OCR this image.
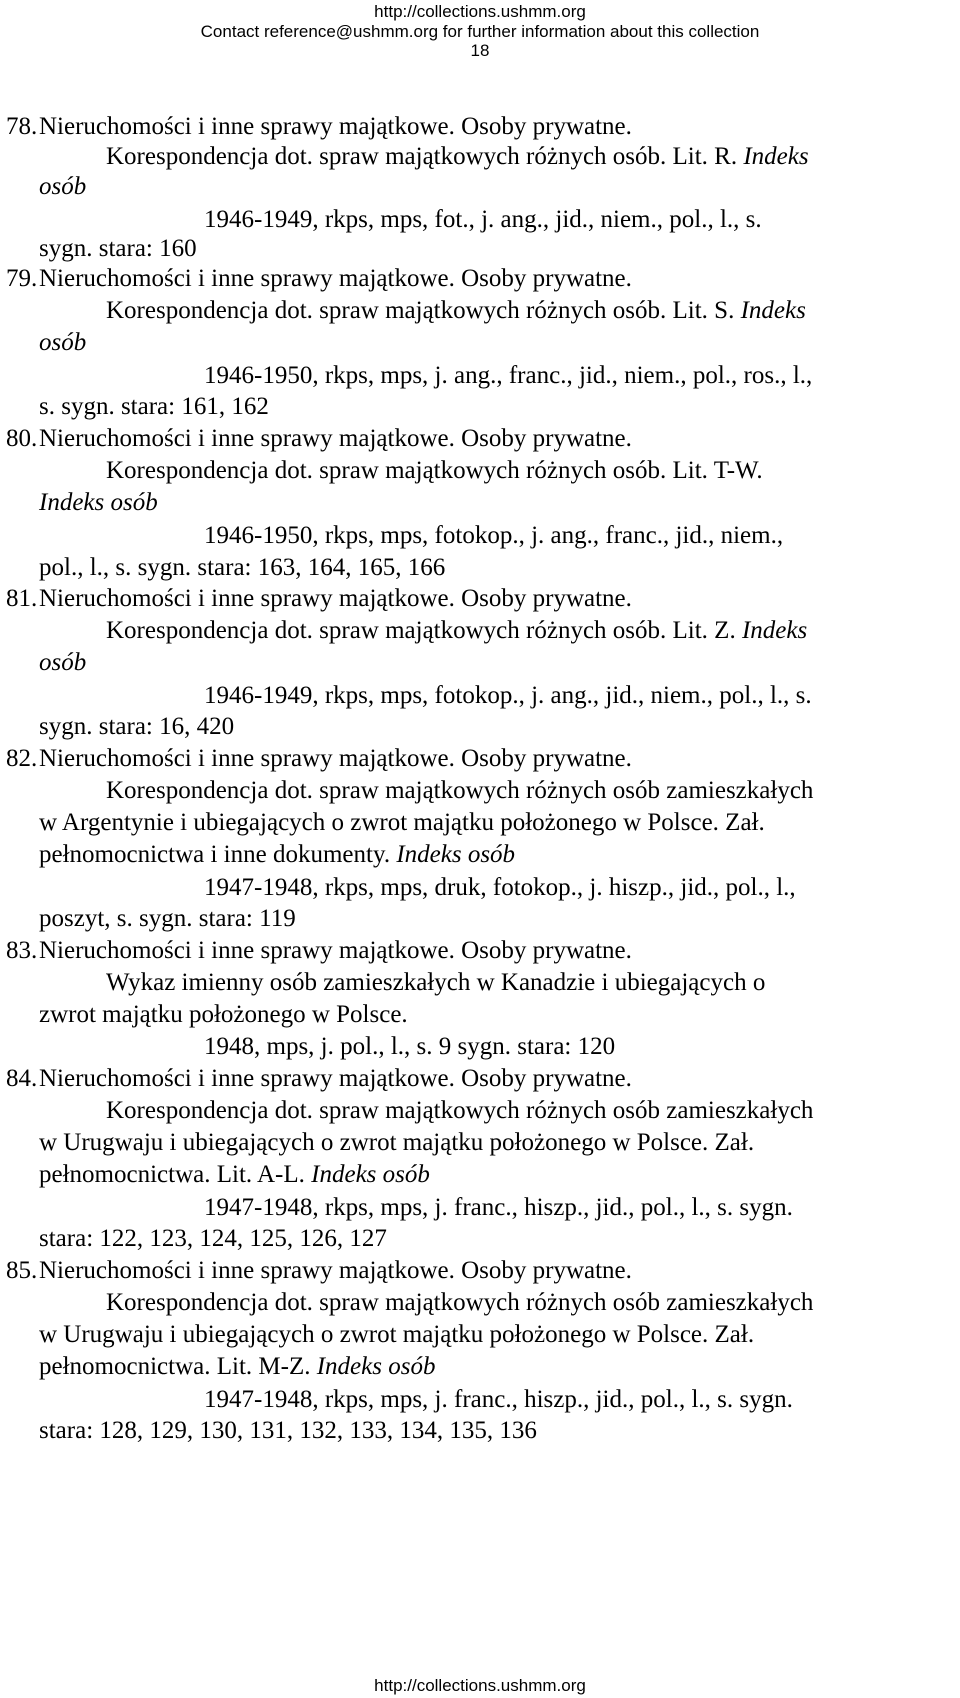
http://collections.ushmm.org
Contact reference@ushmm.org for further information about this collection
18
78. Nieruchomości i inne sprawy majątkowe. Osoby prywatne.
Korespondencja dot. spraw majątkowych różnych osób. Lit. R. Indeks
osób
1946-1949, rkps, mps, fot., j. ang., jid., niem., pol., l., s.
sygn. stara: 160
79. Nieruchomości i inne sprawy majątkowe. Osoby prywatne.
Korespondencja dot. spraw majątkowych różnych osób. Lit. S. Indeks
osób
1946-1950, rkps, mps, j. ang., franc., jid., niem., pol., ros., l.,
s. sygn. stara: 161, 162
80. Nieruchomości i inne sprawy majątkowe. Osoby prywatne.
Korespondencja dot. spraw majątkowych różnych osób. Lit. T-W.
Indeks osób
1946-1950, rkps, mps, fotokop., j. ang., franc., jid., niem.,
pol., l., s. sygn. stara: 163, 164, 165, 166
81. Nieruchomości i inne sprawy majątkowe. Osoby prywatne.
Korespondencja dot. spraw majątkowych różnych osób. Lit. Z. Indeks
osób
1946-1949, rkps, mps, fotokop., j. ang., jid., niem., pol., l., s.
sygn. stara: 16, 420
82. Nieruchomości i inne sprawy majątkowe. Osoby prywatne.
Korespondencja dot. spraw majątkowych różnych osób zamieszkałych
w Argentynie i ubiegających o zwrot majątku położonego w Polsce. Zał.
pełnomocnictwa i inne dokumenty. Indeks osób
1947-1948, rkps, mps, druk, fotokop., j. hiszp., jid., pol., l.,
poszyt, s. sygn. stara: 119
83. Nieruchomości i inne sprawy majątkowe. Osoby prywatne.
Wykaz imienny osób zamieszkałych w Kanadzie i ubiegających o
zwrot majątku położonego w Polsce.
1948, mps, j. pol., l., s. 9 sygn. stara: 120
84. Nieruchomości i inne sprawy majątkowe. Osoby prywatne.
Korespondencja dot. spraw majątkowych różnych osób zamieszkałych
w Urugwaju i ubiegających o zwrot majątku położonego w Polsce. Zał.
pełnomocnictwa. Lit. A-L. Indeks osób
1947-1948, rkps, mps, j. franc., hiszp., jid., pol., l., s. sygn.
stara: 122, 123, 124, 125, 126, 127
85. Nieruchomości i inne sprawy majątkowe. Osoby prywatne.
Korespondencja dot. spraw majątkowych różnych osób zamieszkałych
w Urugwaju i ubiegających o zwrot majątku położonego w Polsce. Zał.
pełnomocnictwa. Lit. M-Z. Indeks osób
1947-1948, rkps, mps, j. franc., hiszp., jid., pol., l., s. sygn.
stara: 128, 129, 130, 131, 132, 133, 134, 135, 136
http://collections.ushmm.org
